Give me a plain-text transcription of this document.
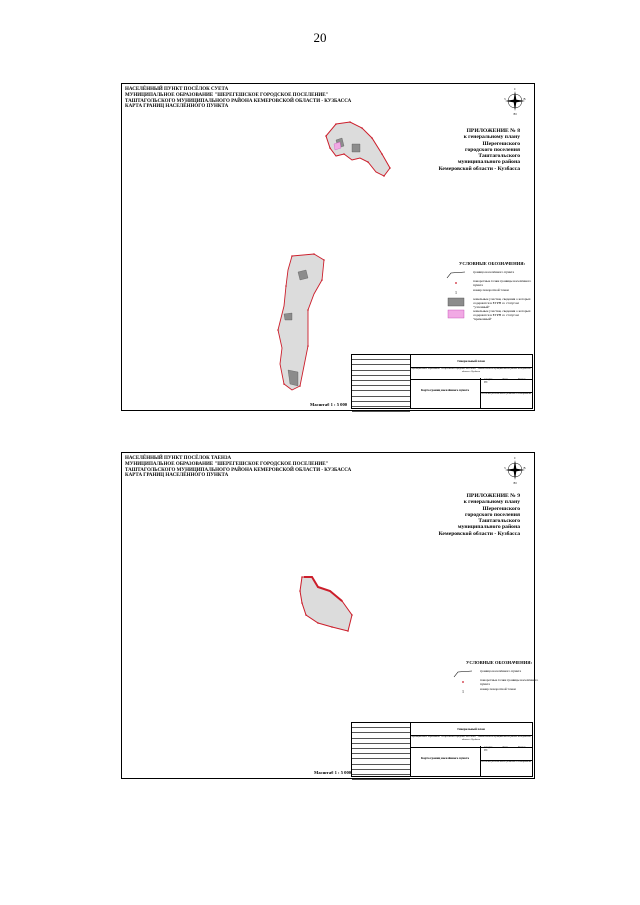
20
НАСЕЛЁННЫЙ ПУНКТ ПОСЁЛОК СУЕТА
МУНИЦИПАЛЬНОЕ ОБРАЗОВАНИЕ "ШЕРЕГЕШСКОЕ ГОРОДСКОЕ ПОСЕЛЕНИЕ"
ТАШТАГОЛЬСКОГО МУНИЦИПАЛЬНОГО РАЙОНА КЕМЕРОВСКОЙ ОБЛАСТИ - КУЗБАССА
КАРТА ГРАНИЦ НАСЕЛЁННОГО ПУНКТА
С
Ю
З	В
ПРИЛОЖЕНИЕ № 8
к генеральному плану
Шерегешского
городского поселения
Таштагольского
муниципального района
Кемеровской области - Кузбасса
УСЛОВНЫЕ ОБОЗНАЧЕНИЯ:
граница населённого пункта
поворотные точки границы населённого пункта
1	номер поворотной точки
земельные участки, сведения о которых содержатся в ЕГРН со статусом "учтенный"
земельные участки, сведения о которых содержатся в ЕГРН со статусом "временный"
Генеральный план
Муниципальное образование "Шерегешское городское поселение" Таштагольского муниципального района Кемеровской области - Кузбасса
Карта границ населённого пункта
Стадия	Лист	Листов
ГП
Агентство регионального развития и планирования
Масштаб 1 : 5 000
НАСЕЛЁННЫЙ ПУНКТ ПОСЁЛОК ТАЕНЗА
МУНИЦИПАЛЬНОЕ ОБРАЗОВАНИЕ "ШЕРЕГЕШСКОЕ ГОРОДСКОЕ ПОСЕЛЕНИЕ"
ТАШТАГОЛЬСКОГО МУНИЦИПАЛЬНОГО РАЙОНА КЕМЕРОВСКОЙ ОБЛАСТИ - КУЗБАССА
КАРТА ГРАНИЦ НАСЕЛЁННОГО ПУНКТА
С
Ю
З	В
ПРИЛОЖЕНИЕ № 9
к генеральному плану
Шерегешского
городского поселения
Таштагольского
муниципального района
Кемеровской области - Кузбасса
УСЛОВНЫЕ ОБОЗНАЧЕНИЯ:
граница населённого пункта
поворотные точки границы населённого пункта
1	номер поворотной точки
Генеральный план
Муниципальное образование "Шерегешское городское поселение" Таштагольского муниципального района Кемеровской области - Кузбасса
Карта границ населённого пункта
Стадия	Лист	Листов
ГП
Агентство регионального развития и планирования
Масштаб 1 : 5 000
